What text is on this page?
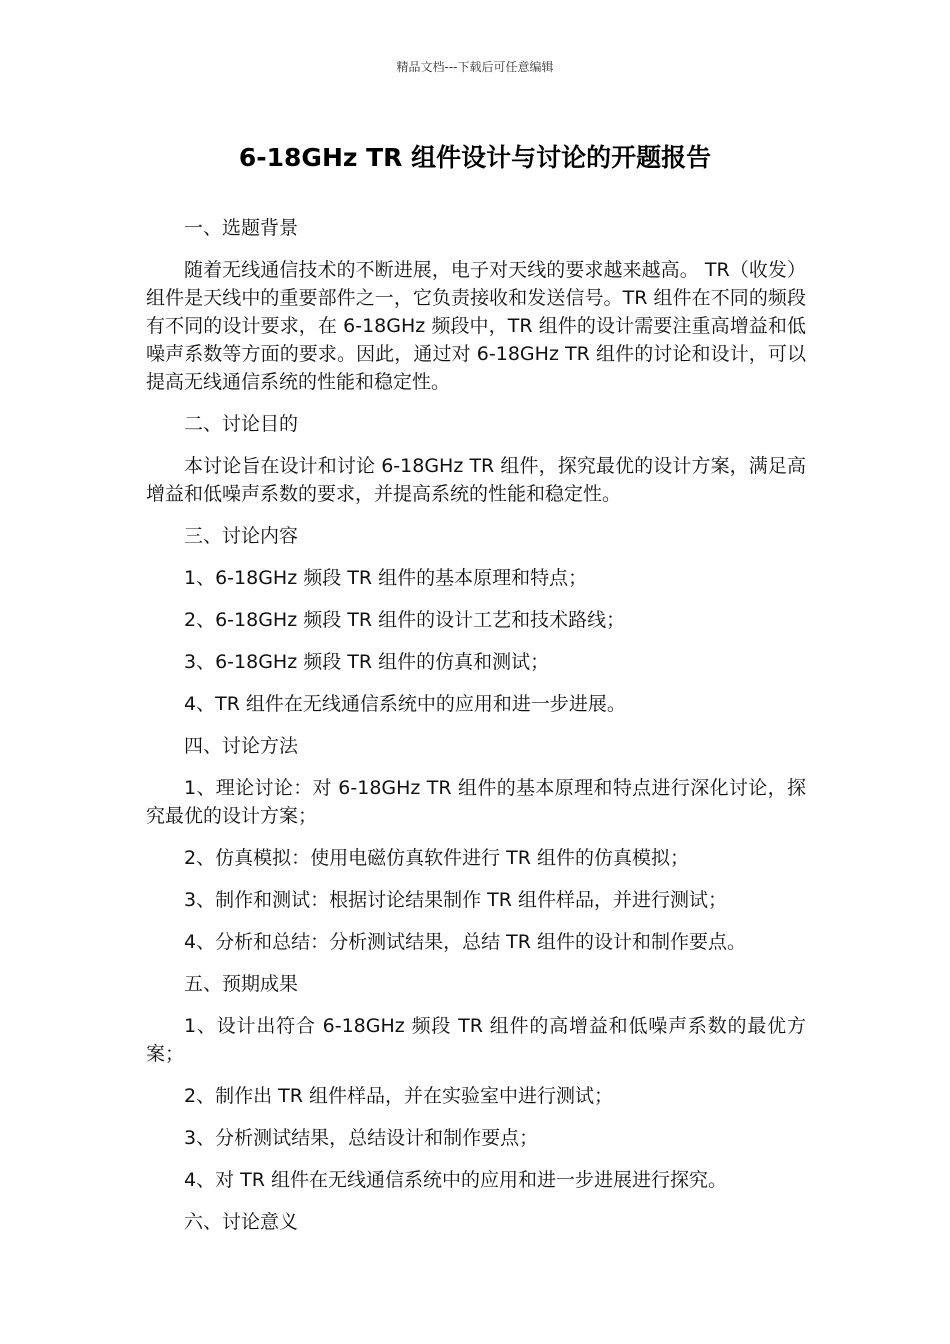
精品文档---下载后可任意编辑
6-18GHz TR 组件设计与讨论的开题报告

一、选题背景

随着无线通信技术的不断进展，电子对天线的要求越来越高。 TR（收发）组件是天线中的重要部件之一，它负责接收和发送信号。TR 组件在不同的频段有不同的设计要求，在 6-18GHz 频段中，TR 组件的设计需要注重高增益和低噪声系数等方面的要求。因此，通过对 6-18GHz TR 组件的讨论和设计，可以提高无线通信系统的性能和稳定性。

二、讨论目的

本讨论旨在设计和讨论 6-18GHz TR 组件，探究最优的设计方案，满足高增益和低噪声系数的要求，并提高系统的性能和稳定性。

三、讨论内容

1、6-18GHz 频段 TR 组件的基本原理和特点；

2、6-18GHz 频段 TR 组件的设计工艺和技术路线；

3、6-18GHz 频段 TR 组件的仿真和测试；

4、TR 组件在无线通信系统中的应用和进一步进展。

四、讨论方法

1、理论讨论：对 6-18GHz TR 组件的基本原理和特点进行深化讨论，探究最优的设计方案；

2、仿真模拟：使用电磁仿真软件进行 TR 组件的仿真模拟；

3、制作和测试：根据讨论结果制作 TR 组件样品，并进行测试；

4、分析和总结：分析测试结果，总结 TR 组件的设计和制作要点。

五、预期成果

1、设计出符合 6-18GHz 频段 TR 组件的高增益和低噪声系数的最优方案；

2、制作出 TR 组件样品，并在实验室中进行测试；

3、分析测试结果，总结设计和制作要点；

4、对 TR 组件在无线通信系统中的应用和进一步进展进行探究。

六、讨论意义
